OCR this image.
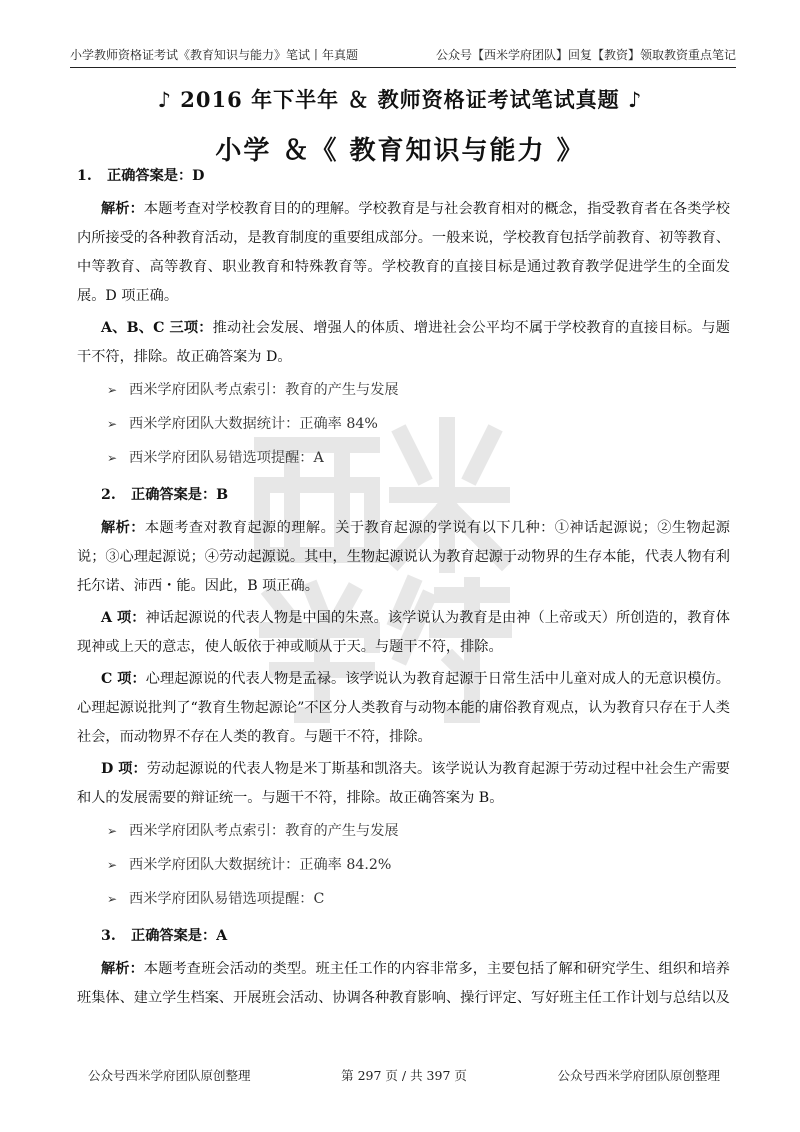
小学教师资格证考试《教育知识与能力》笔试丨年真题	公众号【西米学府团队】回复【教资】领取教资重点笔记
♪ 2016 年下半年 ＆ 教师资格证考试笔试真题 ♪
小学 ＆《 教育知识与能力 》
1. 正确答案是：D

解析：本题考查对学校教育目的的理解。学校教育是与社会教育相对的概念，指受教育者在各类学校内所接受的各种教育活动，是教育制度的重要组成部分。一般来说，学校教育包括学前教育、初等教育、中等教育、高等教育、职业教育和特殊教育等。学校教育的直接目标是通过教育教学促进学生的全面发展。D 项正确。

A、B、C 三项：推动社会发展、增强人的体质、增进社会公平均不属于学校教育的直接目标。与题干不符，排除。故正确答案为 D。

➢ 西米学府团队考点索引：教育的产生与发展
➢ 西米学府团队大数据统计：正确率 84%
➢ 西米学府团队易错选项提醒：A
2. 正确答案是：B

解析：本题考查对教育起源的理解。关于教育起源的学说有以下几种：①神话起源说；②生物起源说；③心理起源说；④劳动起源说。其中，生物起源说认为教育起源于动物界的生存本能，代表人物有利托尔诺、沛西・能。因此，B 项正确。

A 项：神话起源说的代表人物是中国的朱熹。该学说认为教育是由神（上帝或天）所创造的，教育体现神或上天的意志，使人皈依于神或顺从于天。与题干不符，排除。

C 项：心理起源说的代表人物是孟禄。该学说认为教育起源于日常生活中儿童对成人的无意识模仿。心理起源说批判了“教育生物起源论”不区分人类教育与动物本能的庸俗教育观点，认为教育只存在于人类社会，而动物界不存在人类的教育。与题干不符，排除。

D 项：劳动起源说的代表人物是米丁斯基和凯洛夫。该学说认为教育起源于劳动过程中社会生产需要和人的发展需要的辩证统一。与题干不符，排除。故正确答案为 B。

➢ 西米学府团队考点索引：教育的产生与发展
➢ 西米学府团队大数据统计：正确率 84.2%
➢ 西米学府团队易错选项提醒：C
3. 正确答案是：A

解析：本题考查班会活动的类型。班主任工作的内容非常多，主要包括了解和研究学生、组织和培养班集体、建立学生档案、开展班会活动、协调各种教育影响、操行评定、写好班主任工作计划与总结以及

公众号西米学府团队原创整理	第 297 页 / 共 397 页	公众号西米学府团队原创整理
